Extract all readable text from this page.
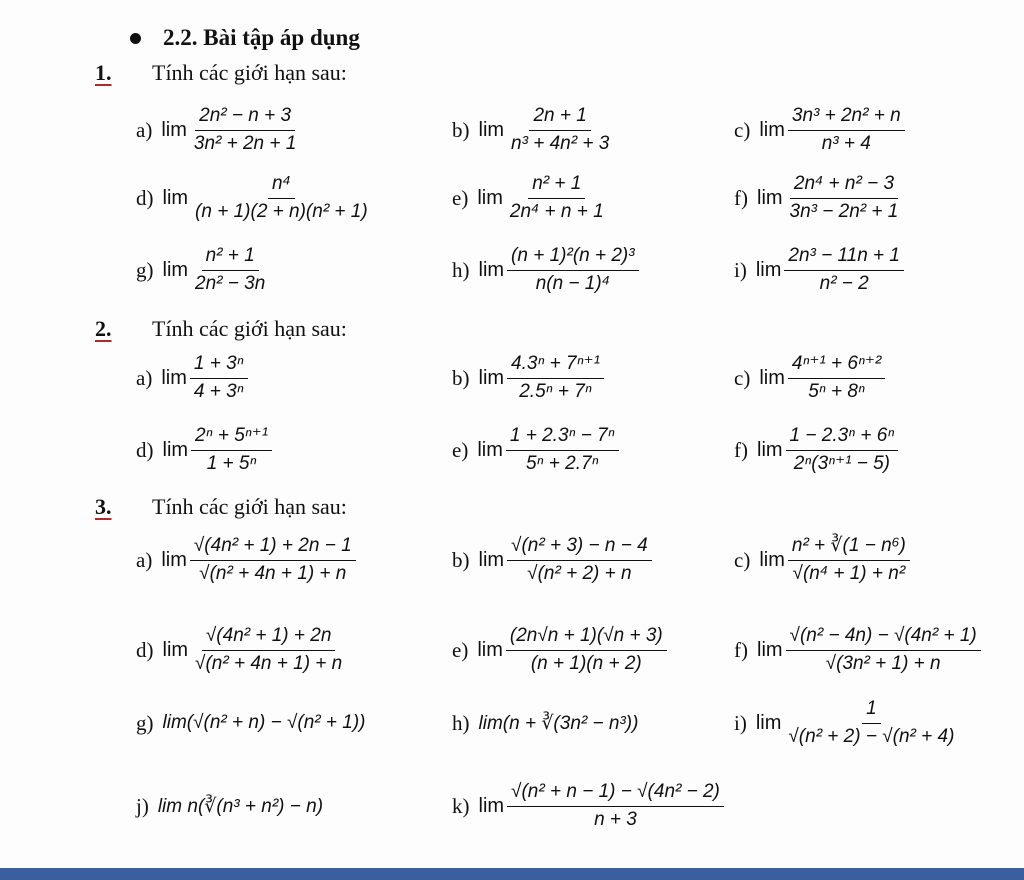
2.2. Bài tập áp dụng
1. Tính các giới hạn sau:
a) $\lim \frac{\text{2n² − n + 3}}{\text{3n² + 2n + 1}}$	b) $\lim \frac{2n + 1}{\text{n³ + 4n² + 3}}$	c) $\lim \frac{\text{3n³ + 2n² + n}}{\text{n³ + 4}}$
d) $\lim \frac{\text{n⁴}}{\text{(n + 1)(2 + n)(n² + 1)}}$	e) $\lim \frac{\text{n² + 1}}{\text{2n⁴ + n + 1}}$	f) $\lim \frac{\text{2n⁴ + n² − 3}}{\text{3n³ − 2n² + 1}}$
g) $\lim \frac{\text{n² + 1}}{\text{2n² − 3n}}$	h) $\lim \frac{\text{(n + 1)²(n + 2)³}}{\text{n(n − 1)⁴}}$	i) $\lim \frac{\text{2n³ − 11n + 1}}{\text{n² − 2}}$
2. Tính các giới hạn sau:
a) $\lim \frac{\text{1 + 3ⁿ}}{\text{4 + 3ⁿ}}$	b) $\lim \frac{\text{4.3ⁿ + 7ⁿ⁺¹}}{\text{2.5ⁿ + 7ⁿ}}$	c) $\lim \frac{\text{4ⁿ⁺¹ + 6ⁿ⁺²}}{\text{5ⁿ + 8ⁿ}}$
d) $\lim \frac{\text{2ⁿ + 5ⁿ⁺¹}}{\text{1 + 5ⁿ}}$	e) $\lim \frac{\text{1 + 2.3ⁿ − 7ⁿ}}{\text{5ⁿ + 2.7ⁿ}}$	f) $\lim \frac{\text{1 − 2.3ⁿ + 6ⁿ}}{\text{2ⁿ(3ⁿ⁺¹ − 5)}}$
3. Tính các giới hạn sau:
a) $\lim \frac{\text{√(4n² + 1) + 2n − 1}}{\text{√(n² + 4n + 1) + n}}$	b) $\lim \frac{\text{√(n² + 3) − n − 4}}{\text{√(n² + 2) + n}}$	c) $\lim \frac{\text{n² + ∛(1 − n⁶)}}{\text{√(n⁴ + 1) + n²}}$
d) $\lim \frac{\text{√(4n² + 1) + 2n}}{\text{√(n² + 4n + 1) + n}}$	e) $\lim \frac{(2n√n + 1)(√n + 3)}{(n + 1)(n + 2)}$	f) $\lim \frac{\text{√(n² − 4n) − √(4n² + 1)}}{\text{√(3n² + 1) + n}}$
g) lim(√(n² + n) − √(n² + 1))	h) lim(n + ∛(3n² − n³))	i) $\lim \frac{1}{\text{√(n² + 2) − √(n² + 4)}}$
j) lim n(∛(n³ + n²) − n)	k) $\lim \frac{\text{√(n² + n − 1) − √(4n² − 2)}}{n + 3}$
